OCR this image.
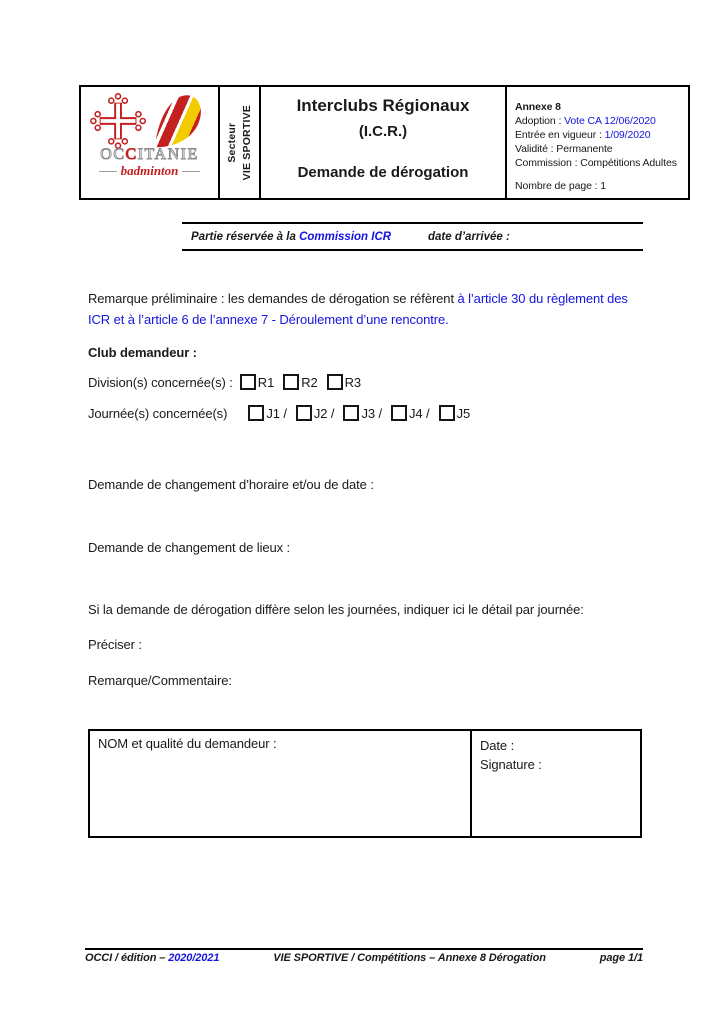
OCCITANIE
badminton
Secteur VIE SPORTIVE	Interclubs Régionaux
(I.C.R.)
Demande de dérogation
Annexe 8
Adoption : Vote CA 12/06/2020
Entrée en vigueur : 1/09/2020
Validité : Permanente
Commission : Compétitions Adultes
Nombre de page : 1
Partie réservée à la Commission ICR	date d’arrivée :
Remarque préliminaire : les demandes de dérogation se réfèrent à l’article 30 du règlement des
ICR et à l’article 6 de l’annexe 7 - Déroulement d’une rencontre.
Club demandeur :
Division(s) concernée(s) : R1 R2 R3
Journée(s) concernée(s)	J1 / J2 / J3 / J4 / J5
Demande de changement d’horaire et/ou de date :
Demande de changement de lieux :
Si la demande de dérogation diffère selon les journées, indiquer ici le détail par journée:
Préciser :
Remarque/Commentaire:
NOM et qualité du demandeur :	Date :
Signature :
OCCI / édition – 2020/2021	VIE SPORTIVE / Compétitions – Annexe 8 Dérogation	page 1/1
